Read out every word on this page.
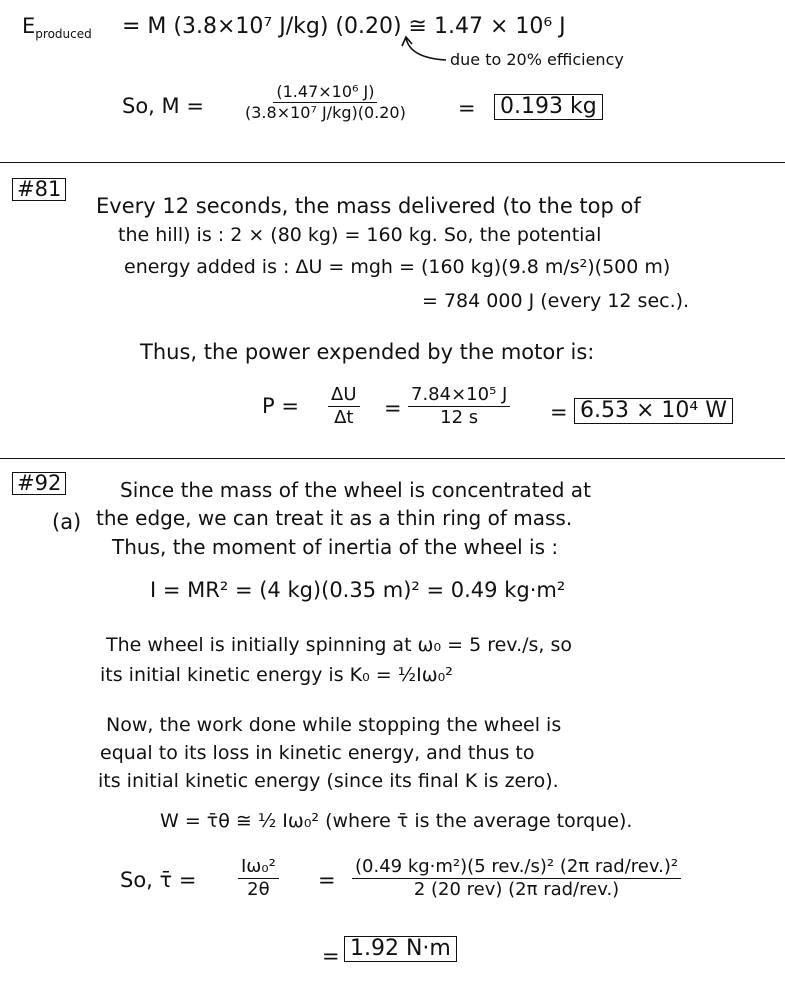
$E_{produced} = M$ (3.8×10⁷ J/kg) (0.20) ≅ 1.47 × 10⁶ J
due to 20% efficiency
So, $M = \frac{\text{(1.47×10⁶ J)}}{\text{(3.8×10⁷ J/kg)(0.20)}} = 0.193$ kg
#81
Every 12 seconds, the mass delivered (to the top of
the hill) is : 2 × (80 kg) = 160 kg. So, the potential
energy added is : ΔU = mgh = (160 kg)(9.8 m/s²)(500 m)
= 784 000 J (every 12 sec.).
Thus, the power expended by the motor is:
$P = \frac{\Delta U}{\Delta t} = \frac{\text{7.84×10⁵ J}}{12 s} = 6.53 \times 10^4$ W
#92
(a)
Since the mass of the wheel is concentrated at
the edge, we can treat it as a thin ring of mass.
Thus, the moment of inertia of the wheel is :
I = MR² = (4 kg)(0.35 m)² = 0.49 kg·m²
The wheel is initially spinning at ω₀ = 5 rev./s, so
its initial kinetic energy is K₀ = ½Iω₀²
Now, the work done while stopping the wheel is
equal to its loss in kinetic energy, and thus to
its initial kinetic energy (since its final K is zero).
W = τ̄θ ≅ ½ Iω₀² (where τ̄ is the average torque).
So, τ̄ = $\frac{\text{Iω₀²}}{2\theta}$ =
(0.49 kg·m²)(5 rev./s)² (2π rad/rev.)²
2 (20 rev) (2π rad/rev.)
= 1.92 N·m
